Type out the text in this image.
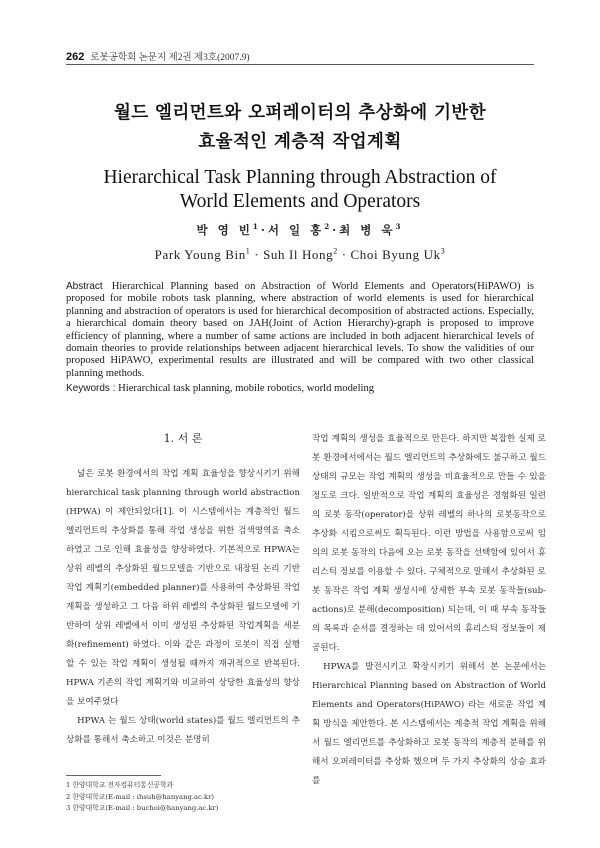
262 로봇공학회 논문지 제2권 제3호(2007.9)
월드 엘리먼트와 오퍼레이터의 추상화에 기반한
효율적인 계층적 작업계획
Hierarchical Task Planning through Abstraction of
World Elements and Operators
박 영 빈$^1$·서 일 홍$^2$·최 병 욱$^3$
Park Young Bin$^1$ · Suh Il Hong$^2$ · Choi Byung Uk$^3$
Abstract Hierarchical Planning based on Abstraction of World Elements and Operators(HiPAWO) is proposed for mobile robots task planning, where abstraction of world elements is used for hierarchical planning and abstraction of operators is used for hierarchical decomposition of abstracted actions. Especially, a hierarchical domain theory based on JAH(Joint of Action Hierarchy)-graph is proposed to improve efficiency of planning, where a number of same actions are included in both adjacent hierarchical levels of domain theories to provide relationships between adjacent hierarchical levels. To show the validities of our proposed HiPAWO, experimental results are illustrated and will be compared with two other classical planning methods.
Keywords : Hierarchical task planning, mobile robotics, world modeling
1. 서 론

넓은 로봇 환경에서의 작업 계획 효율성을 향상시키기 위해 hierarchical task planning through world abstraction (HPWA) 이 제안되었다[1]. 이 시스템에서는 계층적인 월드 엘리먼트의 추상화를 통해 작업 생성을 위한 검색영역을 축소하였고 그로 인해 효율성을 향상하였다. 기본적으로 HPWA는 상위 레벨의 추상화된 월드모델을 기반으로 내장된 논리 기반 작업 계획기(embedded planner)를 사용하여 추상화된 작업 계획을 생성하고 그 다음 하위 레벨의 추상화된 월드모델에 기반하여 상위 레벨에서 이미 생성된 추상화된 작업계획을 세분화(refinement) 하였다. 이와 같은 과정이 로봇이 직접 실행할 수 있는 작업 계획이 생성될 때까지 재귀적으로 반복된다. HPWA 기존의 작업 계획기와 비교하여 상당한 효율성의 향상을 보여주었다

HPWA 는 월드 상태(world states)를 월드 엘리먼트의 추상화를 통해서 축소하고 이것은 분명히

작업 계획의 생성을 효율적으로 만든다. 하지만 복잡한 실제 로봇 환경에서에서는 월드 엘리먼트의 추상화에도 불구하고 월드 상태의 규모는 작업 계획의 생성을 비효율적으로 만들 수 있을 정도로 크다. 일반적으로 작업 계획의 효율성은 경험화된 일련의 로봇 동작(operator)을 상위 레벨의 하나의 로봇동작으로 추상화 시킴으로써도 획득된다. 이런 방법을 사용함으로써 임의의 로봇 동작의 다음에 오는 로봇 동작을 선택함에 있어서 휴리스틱 정보를 이용할 수 있다. 구체적으로 말해서 추상화된 로봇 동작은 작업 계획 생성시에 상세한 부속 로봇 동작들(sub-actions)로 분해(decomposition) 되는데, 이 때 부속 동작들의 목록과 순서를 결정하는 데 있어서의 휴리스틱 정보들이 제공된다.

HPWA를 발전시키고 확장시키기 위해서 본 논문에서는 Hierarchical Planning based on Abstraction of World Elements and Operators(HiPAWO) 라는 새로운 작업 계획 방식을 제안한다. 본 시스템에서는 계층적 작업 계획을 위해서 월드 엘리먼트를 추상화하고 로봇 동작의 계층적 분해를 위해서 오퍼레이터를 추상화 했으며 두 가지 추상화의 상승 효과를

1 한양대학교 전자컴퓨터통신공학과
2 한양대학교(E-mail : ihsuh@hanyang.ac.kr)
3 한양대학교(E-mail : buchoi@hanyang.ac.kr)
